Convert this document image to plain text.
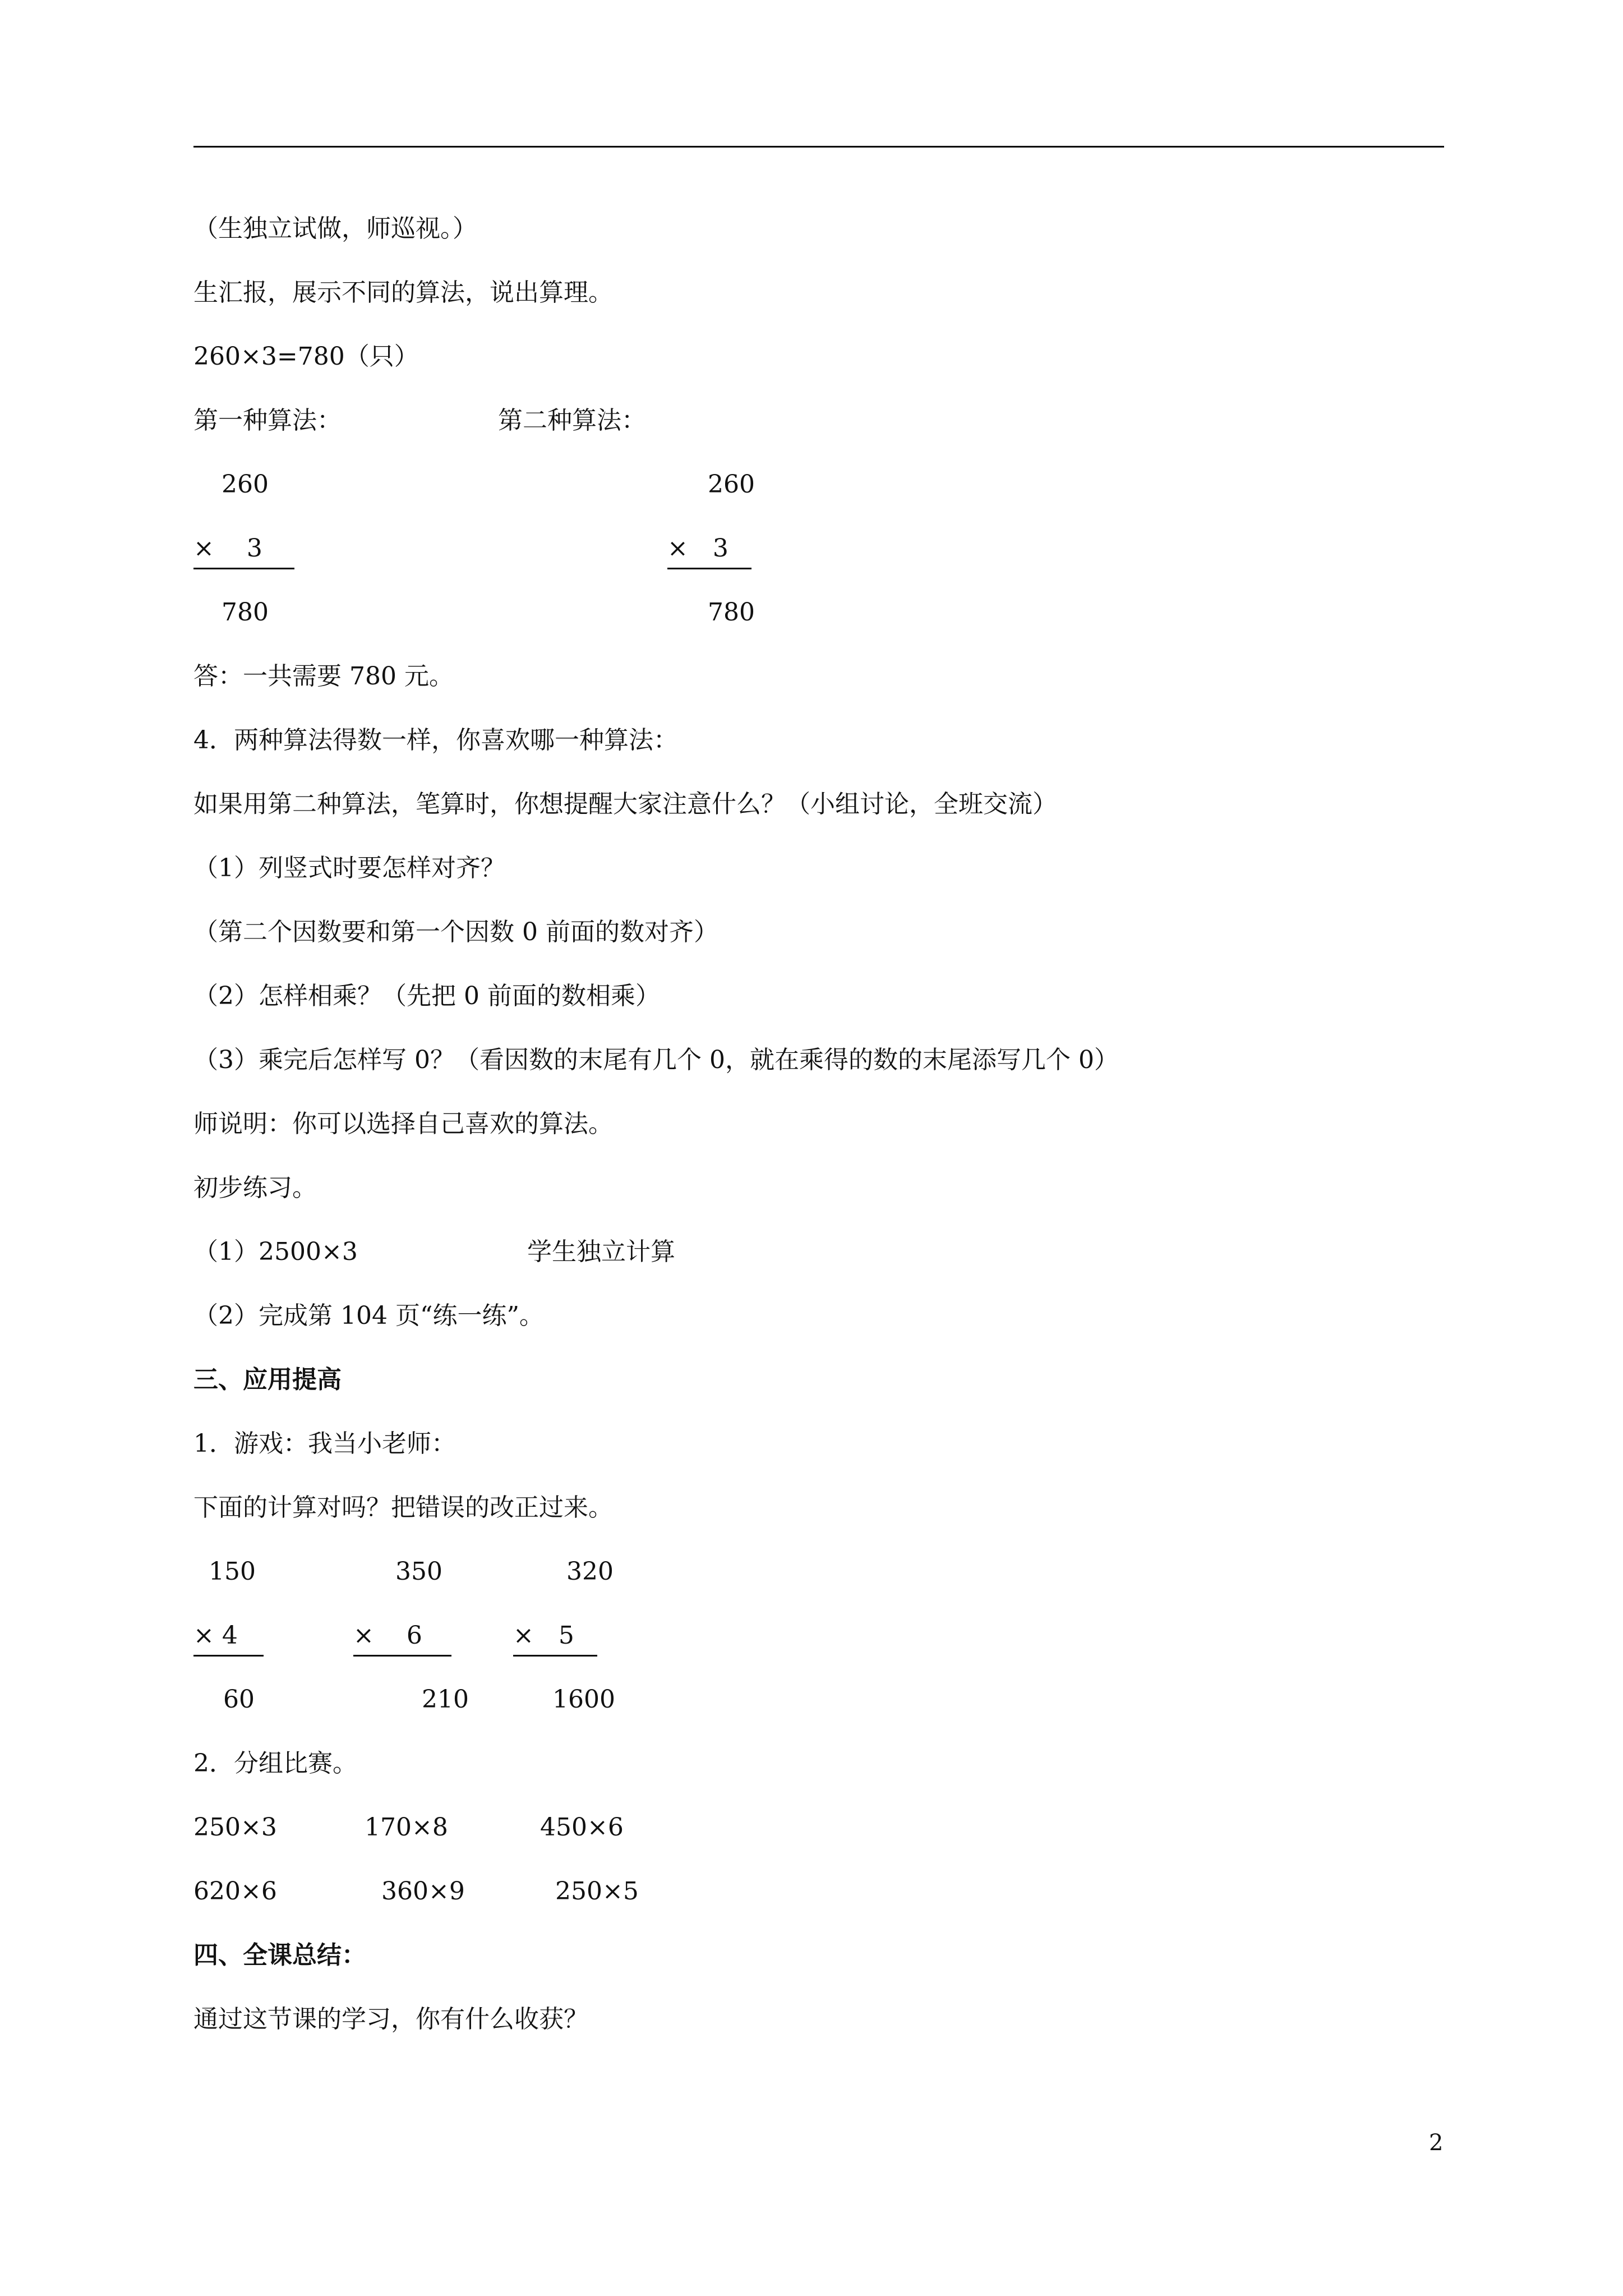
（生独立试做，师巡视。）
生汇报，展示不同的算法，说出算理。
260×3=780（只）
第一种算法：	第二种算法：
260
×　 3
780
260
×　3
780
答：一共需要 780 元。
4．两种算法得数一样，你喜欢哪一种算法：
如果用第二种算法，笔算时，你想提醒大家注意什么？（小组讨论，全班交流）
（1）列竖式时要怎样对齐？
（第二个因数要和第一个因数 0 前面的数对齐）
（2）怎样相乘？（先把 0 前面的数相乘）
（3）乘完后怎样写 0？（看因数的末尾有几个 0，就在乘得的数的末尾添写几个 0）
师说明：你可以选择自己喜欢的算法。
初步练习。
（1）2500×3	学生独立计算
（2）完成第 104 页“练一练”。
三、应用提高
1．游戏：我当小老师：
下面的计算对吗？把错误的改正过来。
150	350	320
× 4	×　 6	×　5
60	210	1600
2．分组比赛。
250×3	170×8	450×6
620×6	360×9	250×5
四、全课总结：
通过这节课的学习，你有什么收获？
2
